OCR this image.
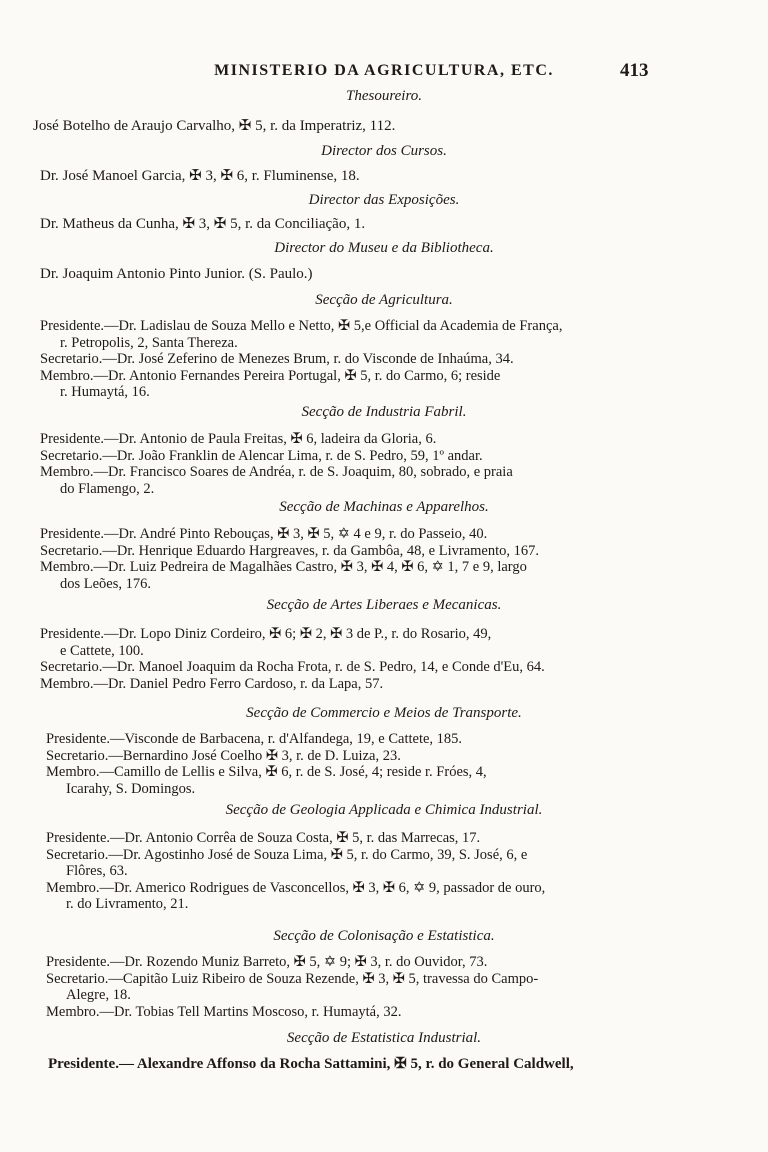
MINISTERIO DA AGRICULTURA, ETC.	413
Thesoureiro.
José Botelho de Araujo Carvalho, ✠ 5, r. da Imperatriz, 112.
Director dos Cursos.
Dr. José Manoel Garcia, ✠ 3, ✠ 6, r. Fluminense, 18.
Director das Exposições.
Dr. Matheus da Cunha, ✠ 3, ✠ 5, r. da Conciliação, 1.
Director do Museu e da Bibliotheca.
Dr. Joaquim Antonio Pinto Junior. (S. Paulo.)
Secção de Agricultura.
Presidente.—Dr. Ladislau de Souza Mello e Netto, ✠ 5,e Official da Academia de França,
r. Petropolis, 2, Santa Thereza.
Secretario.—Dr. José Zeferino de Menezes Brum, r. do Visconde de Inhaúma, 34.
Membro.—Dr. Antonio Fernandes Pereira Portugal, ✠ 5, r. do Carmo, 6; reside
r. Humaytá, 16.
Secção de Industria Fabril.
Presidente.—Dr. Antonio de Paula Freitas, ✠ 6, ladeira da Gloria, 6.
Secretario.—Dr. João Franklin de Alencar Lima, r. de S. Pedro, 59, 1º andar.
Membro.—Dr. Francisco Soares de Andréa, r. de S. Joaquim, 80, sobrado, e praia
do Flamengo, 2.
Secção de Machinas e Apparelhos.
Presidente.—Dr. André Pinto Rebouças, ✠ 3, ✠ 5, ✡ 4 e 9, r. do Passeio, 40.
Secretario.—Dr. Henrique Eduardo Hargreaves, r. da Gambôa, 48, e Livramento, 167.
Membro.—Dr. Luiz Pedreira de Magalhães Castro, ✠ 3, ✠ 4, ✠ 6, ✡ 1, 7 e 9, largo
dos Leões, 176.
Secção de Artes Liberaes e Mecanicas.
Presidente.—Dr. Lopo Diniz Cordeiro, ✠ 6; ✠ 2, ✠ 3 de P., r. do Rosario, 49,
e Cattete, 100.
Secretario.—Dr. Manoel Joaquim da Rocha Frota, r. de S. Pedro, 14, e Conde d'Eu, 64.
Membro.—Dr. Daniel Pedro Ferro Cardoso, r. da Lapa, 57.
Secção de Commercio e Meios de Transporte.
Presidente.—Visconde de Barbacena, r. d'Alfandega, 19, e Cattete, 185.
Secretario.—Bernardino José Coelho ✠ 3, r. de D. Luiza, 23.
Membro.—Camillo de Lellis e Silva, ✠ 6, r. de S. José, 4; reside r. Fróes, 4,
Icarahy, S. Domingos.
Secção de Geologia Applicada e Chimica Industrial.
Presidente.—Dr. Antonio Corrêa de Souza Costa, ✠ 5, r. das Marrecas, 17.
Secretario.—Dr. Agostinho José de Souza Lima, ✠ 5, r. do Carmo, 39, S. José, 6, e
Flôres, 63.
Membro.—Dr. Americo Rodrigues de Vasconcellos, ✠ 3, ✠ 6, ✡ 9, passador de ouro,
r. do Livramento, 21.
Secção de Colonisação e Estatistica.
Presidente.—Dr. Rozendo Muniz Barreto, ✠ 5, ✡ 9; ✠ 3, r. do Ouvidor, 73.
Secretario.—Capitão Luiz Ribeiro de Souza Rezende, ✠ 3, ✠ 5, travessa do Campo-
Alegre, 18.
Membro.—Dr. Tobias Tell Martins Moscoso, r. Humaytá, 32.
Secção de Estatistica Industrial.
Presidente.— Alexandre Affonso da Rocha Sattamini, ✠ 5, r. do General Caldwell,
